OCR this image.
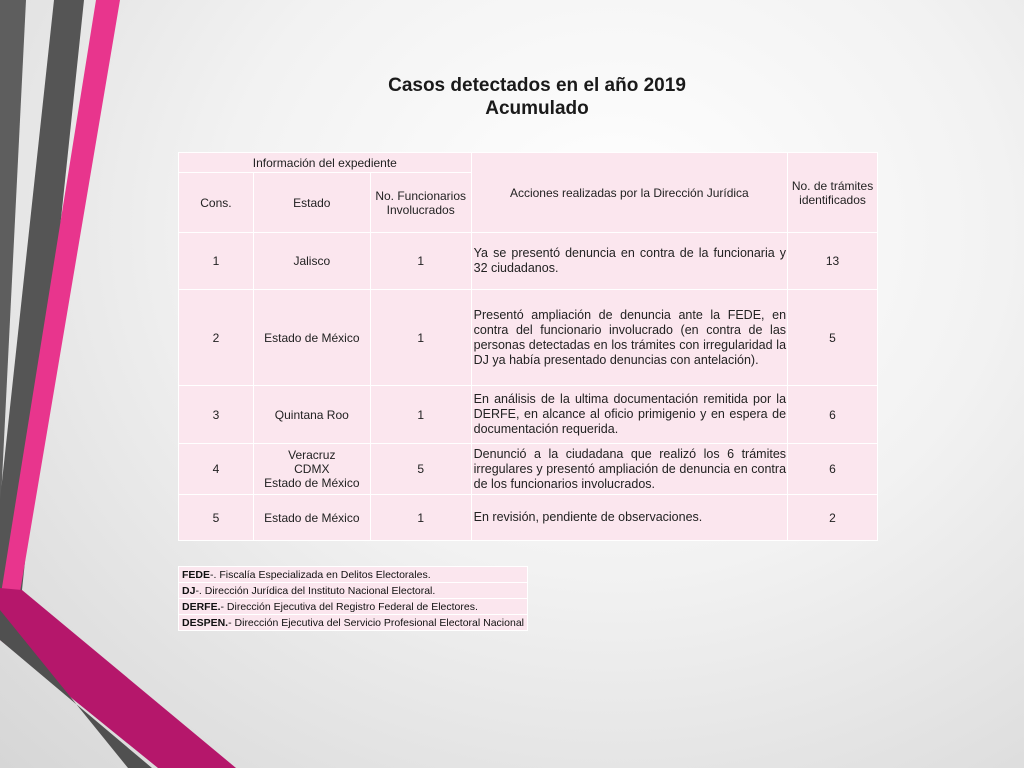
Casos detectados en el año 2019
Acumulado
Información del expediente			Acciones realizadas por la Dirección Jurídica	No. de trámites
identificados
Cons.	Estado	No. Funcionarios
Involucrados		
1	Jalisco	1	Ya se presentó denuncia en contra de la funcionaria y 32 ciudadanos.	13
2	Estado de México	1	Presentó ampliación de denuncia ante la FEDE, en contra del funcionario involucrado (en contra de las personas detectadas en los trámites con irregularidad la DJ ya había presentado denuncias con antelación).	5
3	Quintana Roo	1	En análisis de la ultima documentación remitida por la DERFE, en alcance al oficio primigenio y en espera de documentación requerida.	6
4	Veracruz
CDMX
Estado de México	5	Denunció a la ciudadana que realizó los 6 trámites irregulares y presentó ampliación de denuncia en contra de los funcionarios involucrados.	6
5	Estado de México	1	En revisión, pendiente de observaciones.	2
FEDE-. Fiscalía Especializada en Delitos Electorales.
DJ-. Dirección Jurídica del Instituto Nacional Electoral.
DERFE.- Dirección Ejecutiva del Registro Federal de Electores.
DESPEN.- Dirección Ejecutiva del Servicio Profesional Electoral Nacional
